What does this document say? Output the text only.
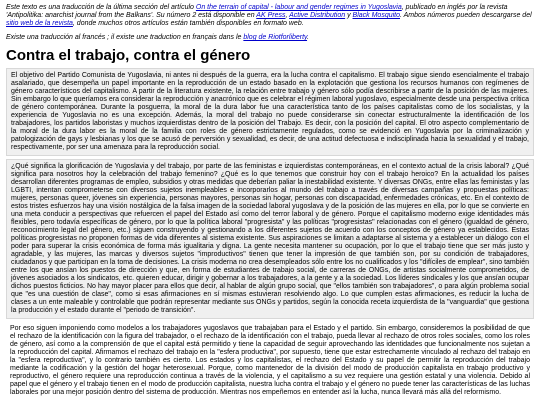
Este texto es una traducción de la última sección del artículo On the terrain of capital - labour and gender regimes in Yugoslavia, publicado en inglés por la revista 'Antipolitika: anarchist journal from the Balkans'. Su número 2 está disponible en AK Press, Active Distribution y Black Mosquito. Ambos números pueden descargarse del sitio web de la revista, donde muchos otros artículos están también disponibles en formato web.

Existe una traducción al francés ; il existe une traduction en français dans le blog de Riotforliberty.

Contra el trabajo, contra el género

El objetivo del Partido Comunista de Yugoslavia, ni antes ni después de la guerra, era la lucha contra el capitalismo. El trabajo sigue siendo esencialmente el trabajo asalariado, que desempeña un papel importante en la reproducción de un estado basado en la explotación que gestiona los recursos humanos con regímenes de género característicos del capitalismo. A partir de la literatura existente, la relación entre trabajo y género sólo podía describirse a partir de la posición de las mujeres. Sin embargo lo que queríamos era considerar la reproducción y anacrónico que es celebrar el régimen laboral yugoslavo, especialmente desde una perspectiva crítica de género contemporánea. Durante la posguerra, la moral de la dura labor fue una característica tanto de los países capitalistas como de los socialistas, y la experiencia de Yugoslavia no es una excepción. Además, la moral del trabajo no puede considerarse sin conectar estructuralmente la identificación de los trabajadores, los partidos laboristas y muchos izquierdistas dentro de la posición del Trabajo. Es decir, con la posición del capital. El otro aspecto complementario de la moral de la dura labor es la moral de la familia con roles de género estrictamente regulados, como se evidenció en Yugoslavia por la criminalización y patologización de gays y lesbianas y los que se acusó de perversión y sexualidad, es decir, de una actitud defectuosa e indisciplinada hacia la sexualidad y el trabajo, respectivamente, por ser una amenaza para la reproducción social.

¿Qué significa la glorificación de Yugoslavia y del trabajo, por parte de las feministas e izquierdistas contemporáneas, en el contexto actual de la crisis laboral? ¿Qué significa para nosotros hoy la celebración del trabajo femenino? ¿Qué es lo que tenemos que construir hoy con el trabajo heroico? En la actualidad los países desarrollan diferentes programas de empleo, subsidios y otras medidas que deberían paliar la inestabilidad existente. Y diversas ONGs, entre ellas las feministas y las LGBTI, intentan comprometerse con diversos sujetos inempleables e incorporarlos al mundo del trabajo a través de diversas campañas y propuestas políticas: mujeres, personas queer, jóvenes sin experiencia, personas mayores, personas sin hogar, personas con discapacidad, enfermedades crónicas, etc. En el contexto de estos tristes esfuerzos hay una visión nostálgica de la falsa imagen de la sociedad laboral yugoslava y de la posición de las mujeres en ella, por lo que se convierte en una meta conducir a perspectivas que refuercen el papel del Estado así como del terror laboral y de género. Porque el capitalismo moderno exige identidades más flexibles, pero todavía específicas de género, por lo que la política laboral "progresista" y las políticas "progresistas" relacionadas con el género (igualdad de género, reconocimiento legal del género, etc.) siguen construyendo y gestionando a los diferentes sujetos de acuerdo con los conceptos de género ya establecidos. Estas políticas progresistas no proponen formas de vida diferentes al sistema existente. Sus aspiraciones se limitan a adaptarse al sistema y a establecer un diálogo con el poder para superar la crisis económica de forma más igualitaria y digna. La gente necesita mantener su ocupación, por lo que el trabajo tiene que ser más justo y agradable, y las mujeres, las marcas y diversos sujetos "improductivos" tienen que tener la impresión de que también son, por su condición de trabajadores, ciudadanos y que participan en la toma de decisiones. La crisis moderna no crea desempleados sólo entre los no cualificados y los "difíciles de emplear", sino también entre los que ansían los puestos de dirección y que, en forma de estudiantes de trabajo social, de carreras de ONGs, de artistas socialmente comprometidos, de jóvenes asociados a los sindicatos, etc. quieren educar, dirigir y gobernar a los trabajadores, a la gente y a la sociedad. Los líderes sindicales y los que ansían ocupar dichos puestos ficticios. No hay mayor placer para ellos que decir, al hablar de algún grupo social, que "ellos también son trabajadores", o para algún problema social que "es una cuestión de clase", como si esas afirmaciones en sí mismas estuvieran resolviendo algo. Lo que cumplen estas afirmaciones, es reducir la lucha de clases a un ente maleable y controlable que podrán representar mediante sus ONGs y partidos, según la conocida receta izquierdista de la "vanguardia" que gestiona la producción y el estado durante el "periodo de transición".

Por eso siguen imponiendo como modelos a los trabajadores yugoslavos que trabajaban para el Estado y el partido. Sin embargo, consideremos la posibilidad de que el rechazo de la identificación con la figura del trabajador, o el rechazo de la identificación con el trabajo, pueda llevar al rechazo de otros roles sociales, como los roles de género, así como a la comprensión de que el capital está permitido y tiene la capacidad de seguir aprovechando las identidades que funcionalmente nos sujetan a la reproducción del capital. Afirmamos el rechazo del trabajo en la "esfera productiva", por supuesto, tiene que estar estrechamente vinculado al rechazo del trabajo en la "esfera reproductiva", y lo contrario también es cierto. Los estados y los capitalistas, el rechazo del Estado y su papel de permitir la reproducción del trabajo mediante la codificación y la gestión del hogar heterosexual. Porque, como mantenedor de la división del modo de producción capitalista en trabajo productivo y reproductivo, el género requiere una reproducción continua a través de la violencia, y el capitalismo a su vez requiere una gestión estatal y una violencia. Debido al papel que el género y el trabajo tienen en el modo de producción capitalista, nuestra lucha contra el trabajo y el género no puede tener las características de las luchas laborales por una mejor posición dentro del sistema de producción. Mientras nos empeñemos en entender así la lucha, nunca llevará más allá del reformismo.
